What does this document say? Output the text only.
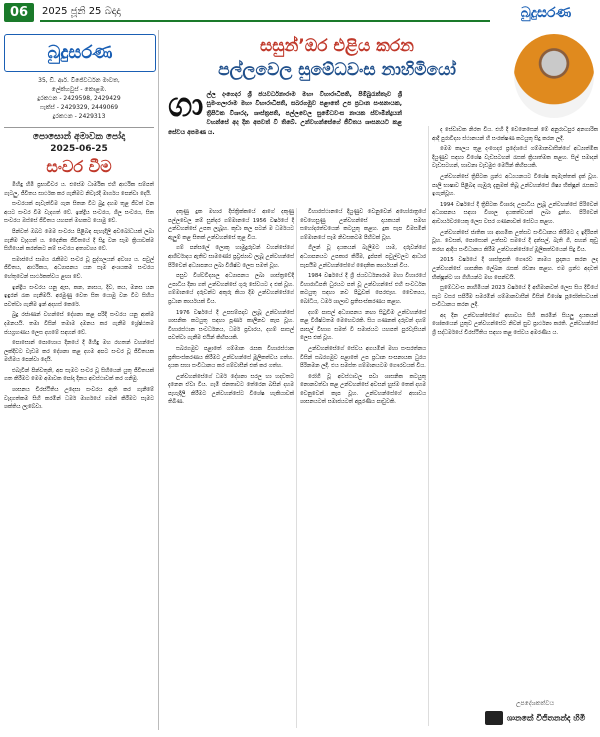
06	2025 ජූනි 25 බදාදා	බුදුසරණ
බුදුසරණ
35, ඩී. ආර්. විජේවර්ධන මාවත,
ලේක්හවුස් - කොළඹ.
දුරකථන - 2429598, 2429429
ෆැක්ස් - 2429329, 2449069
දුරකථන - 2429313
පොසොන් අමාවක පෝදා
2025-06-25
සංවර වීම

මිහිඳු හිමි ප්‍රභාවිවර ය. එසේම ධාර්මික එහි ආර්ථික සම්පත් ගැටලු, ජීවිතය සාර්ථක කර ගැනීමට නිවැරදි මාර්ගය පෙන්වා දෙයි.

සංවරයක් පැවැත්වීම ගැන සිතන විට බුදු දහම තුළ ජීවත් වන අයට සංවර වීම වැදගත් වේ. ඉන්ද්‍රිය සංවරය, ශීල සංවරය, සිත සංවරය ඔස්සේ ජීවිතය යහපත් මඟකට යොමු වේ.

පින්වත් ඔබට මෙම සංවරය පිළිබඳ පැහැදිලි අවබෝධයක් ලබා ගැනීම වැදගත් ය. දෛනික ජීවිතයේ දී සිදු වන සෑම ක්‍රියාවක්ම සිහියෙන් කරන්නට නම් සංවරය අත්‍යවශ්‍ය වේ.

සමාජයේ සාමය රැකීමට සංවර වූ පුද්ගලයන් අවශ්‍ය ය. පවුල් ජීවිතය, ආර්ථිකය, අධ්‍යාපනය යන සෑම අංශයකම සංවරය හේතුවෙන් සාර්ථකත්වය ළඟා වේ.

ඉන්ද්‍රිය සංවරය යනු ඇස, කන, නාසය, දිව, කය, මනස යන ඉඳුරන් රැක ගැනීමයි. අරමුණු වෙත සිත යොමු වන විට සිහිය පවත්වා ගැනීම ඉන් අදහස් කෙරේ.

බුදු රජාණන් වහන්සේ දේශනා කළ පරිදි සංවරය යනු ආත්ම දමනයයි. තමා විසින් තමාම දමනය කර ගැනීම ශ්‍රේෂ්ඨතම ජයග්‍රහණය ලෙස දහමේ සඳහන් වේ.

පොසොන් පොහොය දිනයේ දී මිහිඳු මහ රහතන් වහන්සේ ලක්දිවට වැඩම කර දේශනා කළ දහම අපට සංවර වූ ජීවිතයක මහිමය පෙන්වා දෙයි.

එබැවින් පින්වතුනි, අප සැමට සංවර වූ සිහියෙන් යුතු ජීවිතයක් ගත කිරීමට මෙම අමාවක පෝදා දිනය අවස්ථාවක් කර ගනිමු.

ශාසනය චිරස්ථිතිය උදෙසා සංවරය ඇති කර ගැනීමේ වැදගත්කම සිහි කරමින් ධර්ම මාර්ගයේ ගමන් කිරීමට සැමට ශක්තිය ලැබේවා.

සසුන්’ඔර එළිය කරන
පල්ලවෙල සුමේධවංස නාහිමියෝ
ගා ල්ල දංගෙදර ශ්‍රී ජයවර්ධනාරාම මහා විහාරාධිපති, පිම්බුරැත්තෑව ශ්‍රී සුමංගලාරාම මහා විහාරාධිපති, සබරගමුව පළාතේ උප ප්‍රධාන සංඝනායක, ත්‍රිපිටක විශාරද, ශාස්ත්‍රපති, පල්ලවෙල සුමේධවංස නායක ස්වාමීන්ද්‍රයන් වහන්සේ අද දින අපවත් වී තිබේ. උන්වහන්සේගේ ජීවිතය ශාසනයට කළ සේවය අපමණ ය.

දකුණු දුක මහාර දිස්ත්‍රික්කයේ ආගේ දකුණු පල්ලවෙල නම් සුන්දර ගම්මානයේ 1956 වර්ෂයේ දී උන්වහන්සේ උපත ලැබූහ. කුඩා කල පටන් ම ධර්මයට ඇලුම් කළ සිතක් උන්වහන්සේ තුළ විය.

ගම් පන්සලේ ලොකු හාමුදුරුවන් වහන්සේගේ ආශීර්වාදය ඇතිව සාමණේර ප්‍රව්‍රජ්‍යාව ලැබූ උන්වහන්සේ පිරිවෙන් අධ්‍යාපනය ලබා විශිෂ්ට ලෙස සමත් වූහ.

පසුව විශ්වවිද්‍යාල අධ්‍යාපනය ලබා ශාස්ත්‍රවේදී උපාධිය දිනා ගත් උන්වහන්සේ ගුරු සේවයට ද එක් වූහ. ගම්මානයේ දරුවන්ට අකුරු කියා දීම උන්වහන්සේගේ ප්‍රධාන කාර්යයක් විය.

1976 වර්ෂයේ දී උපසම්පදාව ලැබූ උන්වහන්සේ ශාසනික කටයුතු සඳහා පූර්ණ කාලීනව කැප වූහ. විහාරස්ථාන සංවර්ධනය, ධර්ම ප්‍රචාරය, දහම් පාසල් පවත්වා ගැනීම එයින් කිහිපයකි.

සබරගමුව පළාතේ ගම්මාන රැසක විහාරස්ථාන ප්‍රතිසංස්කරණය කිරීමට උන්වහන්සේ මූලිකත්වය ගත්හ. දායක සභා සංවිධානය කර ගම්වාසීන් එක් කර ගත්හ.

උන්වහන්සේගේ ධර්ම දේශනා සරල හා හදවතට දැනෙන ඒවා විය. ගැමි ජනතාවට තේරෙන බසින් දහම පැහැදිලි කිරීමට උන්වහන්සේට විශේෂ හැකියාවක් තිබිණ.

විහාරස්ථානයේ දියුණුව වෙනුවෙන් අහෝරාත්‍රයේ වෙහෙසුණු උන්වහන්සේ දායකයන් සමඟ සහෝදරත්වයෙන් කටයුතු කළහ. දුක සැප විමසමින් ගම්මානයේ සෑම නිවසකටම පිහිටක් වූහ.

ගිලන් වූ දායකයන් බැලීමට යාම, දරුවන්ගේ අධ්‍යාපනයට උපකාර කිරීම, දුප්පත් පවුල්වලට ආධාර සැපයීම උන්වහන්සේගේ දෛනික කාර්යයන් විය.

1984 වර්ෂයේ දී ශ්‍රී ජයවර්ධනාරාම මහා විහාරයේ විහාරාධිපති ධුරයට පත් වූ උන්වහන්සේ එහි සංවර්ධන කටයුතු සඳහා නව පිටුවක් පෙරළූහ. චෛත්‍යය, බෝධිය, ධර්ම ශාලාව ප්‍රතිසංස්කරණය කළහ.

දහම් පාසල් අධ්‍යාපනය නඟා සිටුවීම උන්වහන්සේ කළ විශිෂ්ටතම මෙහෙවරකි. සිය ගණනක් දරුවන් දහම් පාසල් විභාග සමත් වී සමාජයට යහපත් පුරවැසියන් ලෙස එක් වූහ.

උන්වහන්සේගේ සේවය අගයමින් මහා සංඝරත්නය විසින් සබරගමුව පළාතේ උප ප්‍රධාන සංඝනායක ධුරය පිරිනමන ලදී. එය සමස්ත ගම්මානයටම ගෞරවයක් විය.

රෝගී වූ අවස්ථාවල පවා ශාසනික කටයුතු නොනවත්වා කළ උන්වහන්සේ අවසන් හුස්ම තෙක් දහම වෙනුවෙන් කැප වූහ. උන්වහන්සේගේ අභාවය ශාසනයටත් සමාජයටත් අපූරණීය පාඩුවකි.

ද සේවාවක නිරත විය. එහි දී වෙනෙසෙන් මේ අනුරාධපුර අනගාරික ආදී පුරාවිද්‍යා ස්ථානයන් හි සංරක්ෂණ කටයුතු සිදු කරන ලදී.

මෙම කාලය තුළ දංගෙදර ප්‍රදේශයේ ගම්මානවාසීන්ගේ අධ්‍යාත්මික දියුණුව සඳහා විශේෂ වැඩසටහන් රැසක් ක්‍රියාත්මක කළහ. සිල් සමාදන් වැඩසටහන්, භාවනා වැඩමුළු මෙයින් කිහිපයකි.

උන්වහන්සේ ත්‍රිපිටක ග්‍රන්ථ අධ්‍යයනයට විශේෂ කැමැත්තක් දැක් වූහ. පාලි භාෂාව පිළිබඳ ගැඹුරු දැනුමක් තිබූ උන්වහන්සේ ශිෂ්‍ය භික්ෂූන් රැසකට ඉගැන්වූහ.

1994 වර්ෂයේ දී ත්‍රිපිටක විශාරද උපාධිය ලැබූ උන්වහන්සේ පිරිවෙන් අධ්‍යාපනය සඳහා විශාල දායකත්වයක් ලබා දුන්හ. පිරිවෙන් ආචාර්යවරයෙකු ලෙස වසර ගණනාවක් සේවය කළහ.

උන්වහන්සේ ජාතික හා ආගමික උත්සව සංවිධානය කිරීමට ද ඉදිරිපත් වූහ. වෙසක්, පොසොන් උත්සව සමයේ දී දන්සල්, බැති ගී, පහන් කූඩු තරඟ ආදිය සංවිධානය කිරීම උන්වහන්සේගේ මූලිකත්වයෙන් සිදු විය.

2015 වර්ෂයේ දී ශාස්ත්‍රපති ගෞරව නාමය ප්‍රදානය කරන ලද උන්වහන්සේ ශාසනික ලේඛන රැසක් රචනා කළහ. එම ග්‍රන්ථ අදටත් භික්ෂූන්ට හා ගිහියන්ට මඟ පෙන්වයි.

සුමේධවංස නාහිමියන් 2023 වර්ෂයේ දී අභිමානවත් ලෙස සිය දිවියේ සැට වසර සපිරීම සමරමින් ගම්මානවාසීන් විසින් විශේෂ පූජෝත්සවයක් සංවිධානය කරන ලදී.

අද දින උන්වහන්සේගේ අභාවය සිහි කරමින් සියලු දායකයන් ශෝකයෙන් යුතුව උන්වහන්සේට නිවන් සුව ප්‍රාර්ථනා කරති. උන්වහන්සේ ශ්‍රී සද්ධර්මයේ චිරස්ථිතිය සඳහා කළ සේවය අමරණීය ය.

උපදේශකත්වය
ශානකේ විජිතනන්ද හිමි
